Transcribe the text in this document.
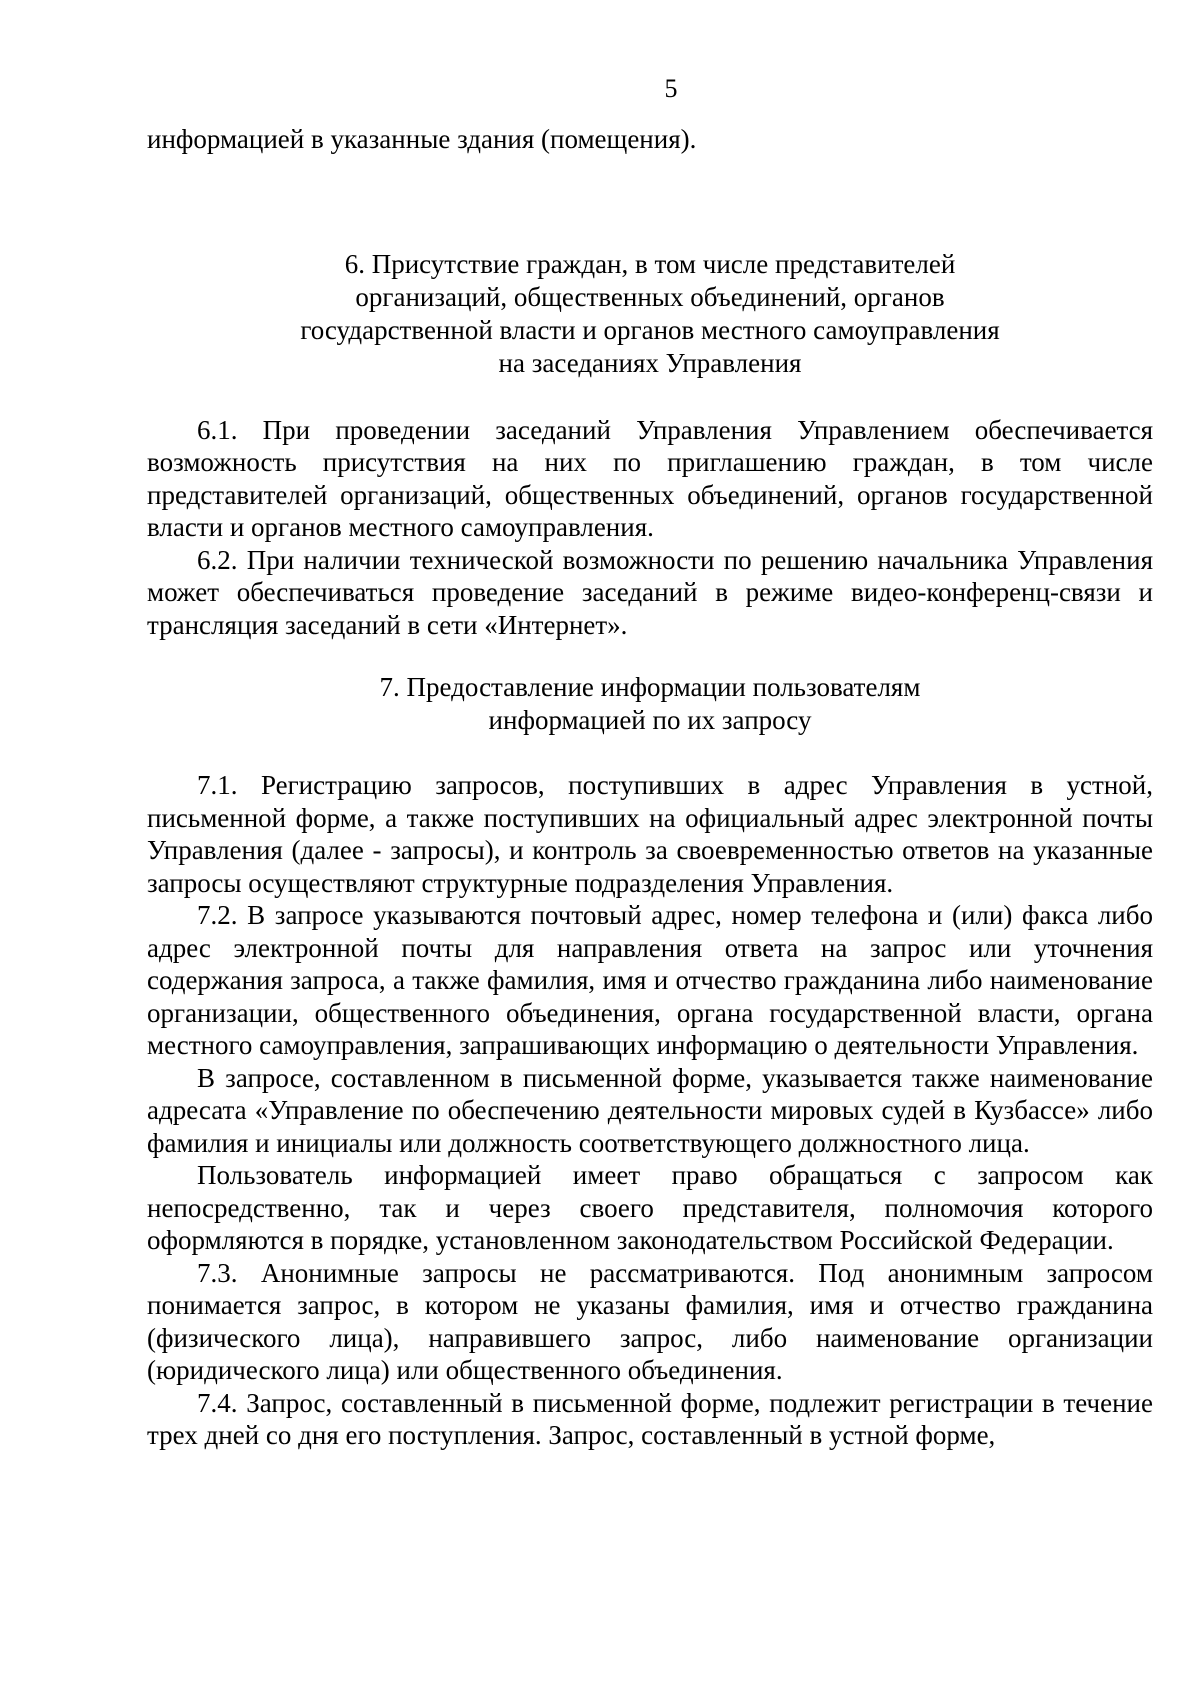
5

информацией в указанные здания (помещения).

6. Присутствие граждан, в том числе представителей
организаций, общественных объединений, органов
государственной власти и органов местного самоуправления
на заседаниях Управления

6.1. При проведении заседаний Управления Управлением обеспечивается возможность присутствия на них по приглашению граждан, в том числе представителей организаций, общественных объединений, органов государственной власти и органов местного самоуправления.

6.2. При наличии технической возможности по решению начальника Управления может обеспечиваться проведение заседаний в режиме видео-конференц-связи и трансляция заседаний в сети «Интернет».

7. Предоставление информации пользователям
информацией по их запросу

7.1. Регистрацию запросов, поступивших в адрес Управления в устной, письменной форме, а также поступивших на официальный адрес электронной почты Управления (далее - запросы), и контроль за своевременностью ответов на указанные запросы осуществляют структурные подразделения Управления.

7.2. В запросе указываются почтовый адрес, номер телефона и (или) факса либо адрес электронной почты для направления ответа на запрос или уточнения содержания запроса, а также фамилия, имя и отчество гражданина либо наименование организации, общественного объединения, органа государственной власти, органа местного самоуправления, запрашивающих информацию о деятельности Управления.

В запросе, составленном в письменной форме, указывается также наименование адресата «Управление по обеспечению деятельности мировых судей в Кузбассе» либо фамилия и инициалы или должность соответствующего должностного лица.

Пользователь информацией имеет право обращаться с запросом как непосредственно, так и через своего представителя, полномочия которого оформляются в порядке, установленном законодательством Российской Федерации.

7.3. Анонимные запросы не рассматриваются. Под анонимным запросом понимается запрос, в котором не указаны фамилия, имя и отчество гражданина (физического лица), направившего запрос, либо наименование организации (юридического лица) или общественного объединения.

7.4. Запрос, составленный в письменной форме, подлежит регистрации в течение трех дней со дня его поступления. Запрос, составленный в устной форме,
